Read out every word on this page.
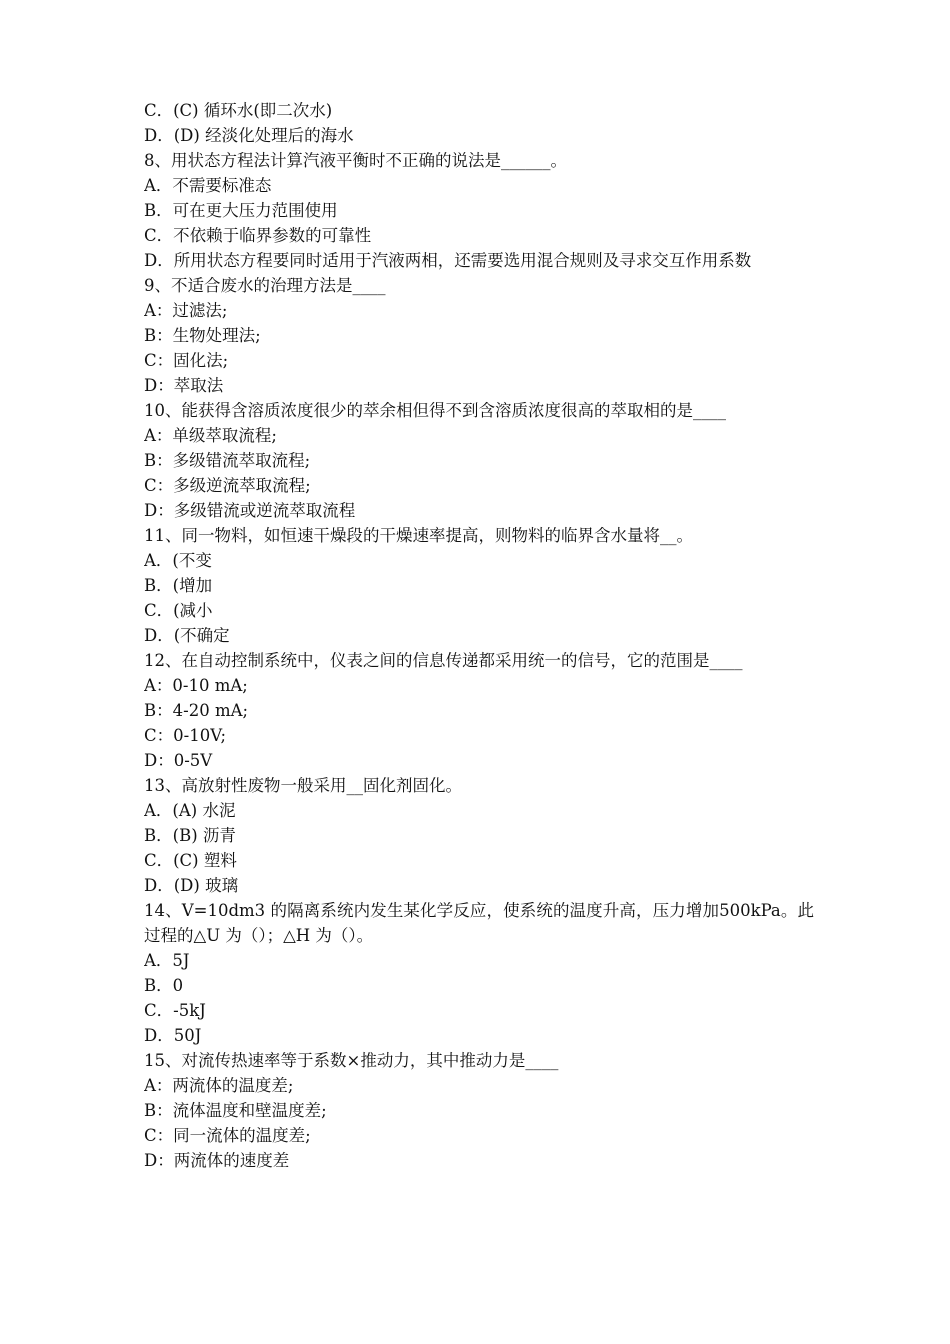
C．(C) 循环水(即二次水)
D．(D) 经淡化处理后的海水
8、用状态方程法计算汽液平衡时不正确的说法是______。
A．不需要标准态
B．可在更大压力范围使用
C．不依赖于临界参数的可靠性
D．所用状态方程要同时适用于汽液两相，还需要选用混合规则及寻求交互作用系数
9、不适合废水的治理方法是____
A：过滤法;
B：生物处理法;
C：固化法;
D：萃取法
10、能获得含溶质浓度很少的萃余相但得不到含溶质浓度很高的萃取相的是____
A：单级萃取流程;
B：多级错流萃取流程;
C：多级逆流萃取流程;
D：多级错流或逆流萃取流程
11、同一物料，如恒速干燥段的干燥速率提高，则物料的临界含水量将__。
A．(不变
B．(增加
C．(减小
D．(不确定
12、在自动控制系统中，仪表之间的信息传递都采用统一的信号，它的范围是____
A：0-10 mA;
B：4-20 mA;
C：0-10V;
D：0-5V
13、高放射性废物一般采用__固化剂固化。
A．(A) 水泥
B．(B) 沥青
C．(C) 塑料
D．(D) 玻璃
14、V=10dm3 的隔离系统内发生某化学反应，使系统的温度升高，压力增加500kPa。此过程的△U 为（）；△H 为（）。
A．5J
B．0
C．-5kJ
D．50J
15、对流传热速率等于系数×推动力，其中推动力是____
A：两流体的温度差;
B：流体温度和壁温度差;
C：同一流体的温度差;
D：两流体的速度差
